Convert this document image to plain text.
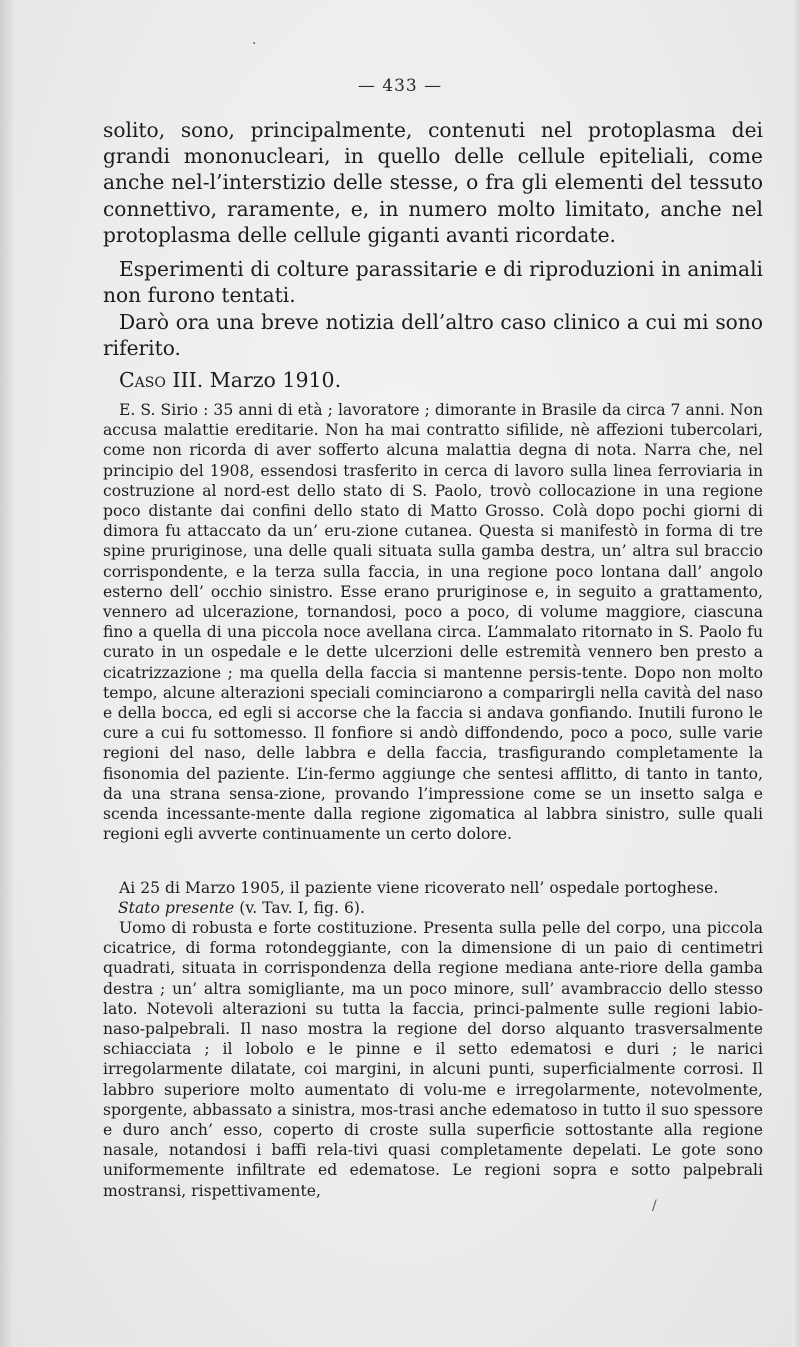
— 433 —

solito, sono, principalmente, contenuti nel protoplasma dei grandi mononucleari, in quello delle cellule epiteliali, come anche nel-l’interstizio delle stesse, o fra gli elementi del tessuto connettivo, raramente, e, in numero molto limitato, anche nel protoplasma delle cellule giganti avanti ricordate.

Esperimenti di colture parassitarie e di riproduzioni in animali non furono tentati.

Darò ora una breve notizia dell’altro caso clinico a cui mi sono riferito.

Caso III. Marzo 1910.

E. S. Sirio : 35 anni di età ; lavoratore ; dimorante in Brasile da circa 7 anni. Non accusa malattie ereditarie. Non ha mai contratto sifilide, nè affezioni tubercolari, come non ricorda di aver sofferto alcuna malattia degna di nota. Narra che, nel principio del 1908, essendosi trasferito in cerca di lavoro sulla linea ferroviaria in costruzione al nord-est dello stato di S. Paolo, trovò collocazione in una regione poco distante dai confini dello stato di Matto Grosso. Colà dopo pochi giorni di dimora fu attaccato da un’ eru-zione cutanea. Questa si manifestò in forma di tre spine pruriginose, una delle quali situata sulla gamba destra, un’ altra sul braccio corrispondente, e la terza sulla faccia, in una regione poco lontana dall’ angolo esterno dell’ occhio sinistro. Esse erano pruriginose e, in seguito a grattamento, vennero ad ulcerazione, tornandosi, poco a poco, di volume maggiore, ciascuna fino a quella di una piccola noce avellana circa. L’ammalato ritornato in S. Paolo fu curato in un ospedale e le dette ulcerzioni delle estremità vennero ben presto a cicatrizzazione ; ma quella della faccia si mantenne persis-tente. Dopo non molto tempo, alcune alterazioni speciali cominciarono a comparirgli nella cavità del naso e della bocca, ed egli si accorse che la faccia si andava gonfiando. Inutili furono le cure a cui fu sottomesso. Il fonfiore si andò diffondendo, poco a poco, sulle varie regioni del naso, delle labbra e della faccia, trasfigurando completamente la fisonomia del paziente. L’in-fermo aggiunge che sentesi afflitto, di tanto in tanto, da una strana sensa-zione, provando l’impressione come se un insetto salga e scenda incessante-mente dalla regione zigomatica al labbra sinistro, sulle quali regioni egli avverte continuamente un certo dolore.

Ai 25 di Marzo 1905, il paziente viene ricoverato nell’ ospedale portoghese.

Stato presente (v. Tav. I, fig. 6).

Uomo di robusta e forte costituzione. Presenta sulla pelle del corpo, una piccola cicatrice, di forma rotondeggiante, con la dimensione di un paio di centimetri quadrati, situata in corrispondenza della regione mediana ante-riore della gamba destra ; un’ altra somigliante, ma un poco minore, sull’ avambraccio dello stesso lato. Notevoli alterazioni su tutta la faccia, princi-palmente sulle regioni labio-naso-palpebrali. Il naso mostra la regione del dorso alquanto trasversalmente schiacciata ; il lobolo e le pinne e il setto edematosi e duri ; le narici irregolarmente dilatate, coi margini, in alcuni punti, superficialmente corrosi. Il labbro superiore molto aumentato di volu-me e irregolarmente, notevolmente, sporgente, abbassato a sinistra, mos-trasi anche edematoso in tutto il suo spessore e duro anch’ esso, coperto di croste sulla superficie sottostante alla regione nasale, notandosi i baffi rela-tivi quasi completamente depelati. Le gote sono uniformemente infiltrate ed edematose. Le regioni sopra e sotto palpebrali mostransi, rispettivamente,

·
/
